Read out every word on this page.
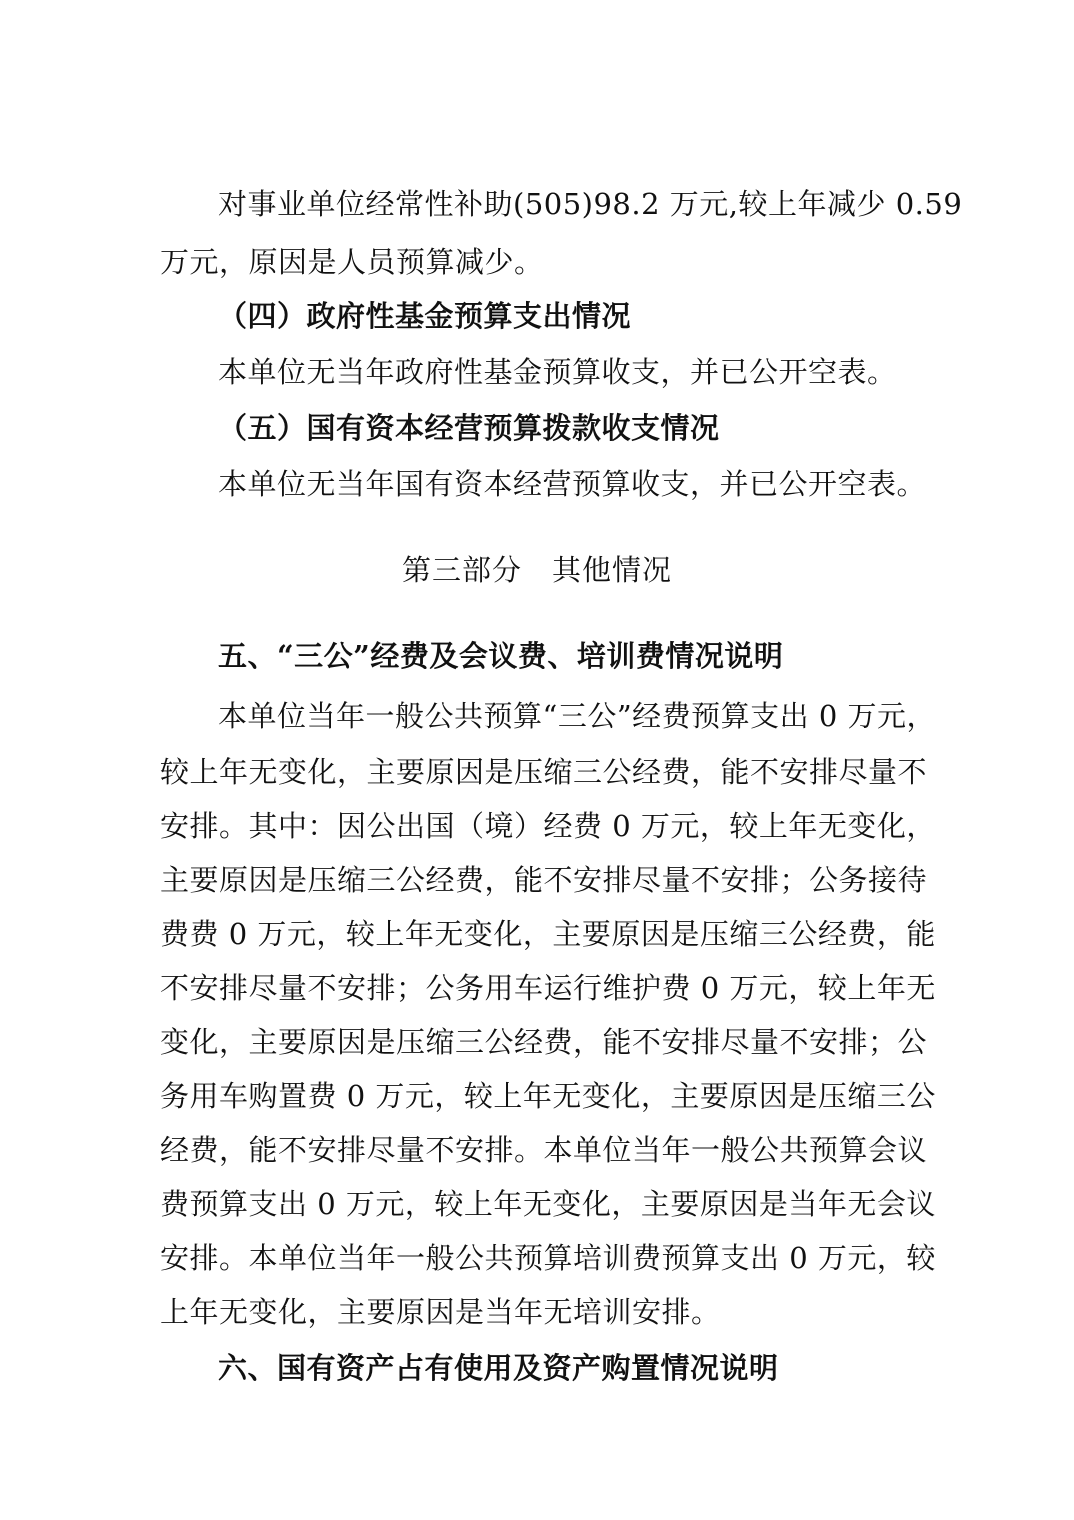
对事业单位经常性补助(505)98.2 万元,较上年减少 0.59
万元，原因是人员预算减少。
（四）政府性基金预算支出情况
本单位无当年政府性基金预算收支，并已公开空表。
（五）国有资本经营预算拨款收支情况
本单位无当年国有资本经营预算收支，并已公开空表。
第三部分　其他情况
五、“三公”经费及会议费、培训费情况说明
本单位当年一般公共预算“三公”经费预算支出 0 万元，
较上年无变化，主要原因是压缩三公经费，能不安排尽量不
安排。其中：因公出国（境）经费 0 万元，较上年无变化，
主要原因是压缩三公经费，能不安排尽量不安排；公务接待
费费 0 万元，较上年无变化，主要原因是压缩三公经费，能
不安排尽量不安排；公务用车运行维护费 0 万元，较上年无
变化，主要原因是压缩三公经费，能不安排尽量不安排；公
务用车购置费 0 万元，较上年无变化，主要原因是压缩三公
经费，能不安排尽量不安排。本单位当年一般公共预算会议
费预算支出 0 万元，较上年无变化，主要原因是当年无会议
安排。本单位当年一般公共预算培训费预算支出 0 万元，较
上年无变化，主要原因是当年无培训安排。
六、国有资产占有使用及资产购置情况说明
